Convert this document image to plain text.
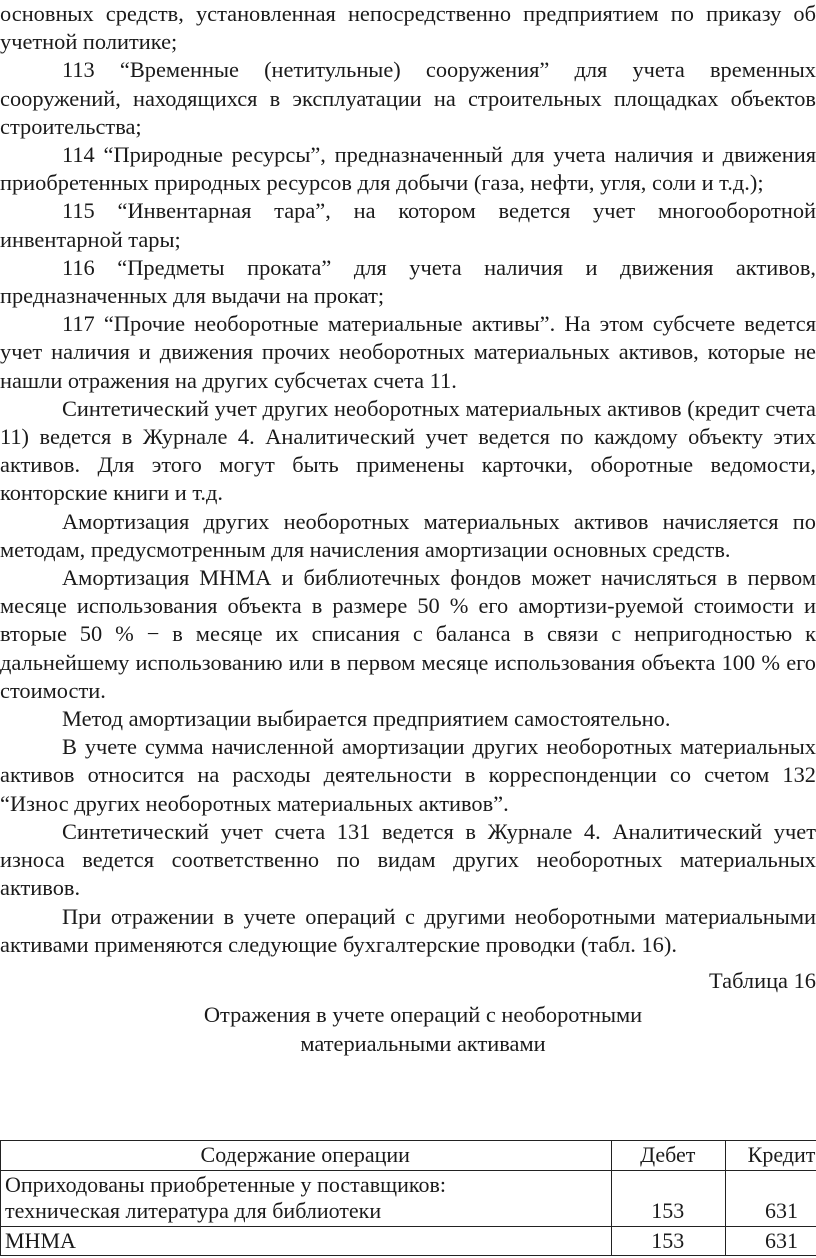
основных средств, установленная непосредственно предприятием по приказу об учетной политике;

113 “Временные (нетитульные) сооружения” для учета временных сооружений, находящихся в эксплуатации на строительных площадках объектов строительства;

114 “Природные ресурсы”, предназначенный для учета наличия и движения приобретенных природных ресурсов для добычи (газа, нефти, угля, соли и т.д.);

115 “Инвентарная тара”, на котором ведется учет многооборотной инвентарной тары;

116 “Предметы проката” для учета наличия и движения активов, предназначенных для выдачи на прокат;

117 “Прочие необоротные материальные активы”. На этом субсчете ведется учет наличия и движения прочих необоротных материальных активов, которые не нашли отражения на других субсчетах счета 11.

Синтетический учет других необоротных материальных активов (кредит счета 11) ведется в Журнале 4. Аналитический учет ведется по каждому объекту этих активов. Для этого могут быть применены карточки, оборотные ведомости, конторские книги и т.д.

Амортизация других необоротных материальных активов начисляется по методам, предусмотренным для начисления амортизации основных средств.

Амортизация МНМА и библиотечных фондов может начисляться в первом месяце использования объекта в размере 50 % его амортизи-руемой стоимости и вторые 50 % − в месяце их списания с баланса в связи с непригодностью к дальнейшему использованию или в первом месяце использования объекта 100 % его стоимости.

Метод амортизации выбирается предприятием самостоятельно.

В учете сумма начисленной амортизации других необоротных материальных активов относится на расходы деятельности в корреспонденции со счетом 132 “Износ других необоротных материальных активов”.

Синтетический учет счета 131 ведется в Журнале 4. Аналитический учет износа ведется соответственно по видам других необоротных материальных активов.

При отражении в учете операций с другими необоротными материальными активами применяются следующие бухгалтерские проводки (табл. 16).

Таблица 16
Отражения в учете операций с необоротными
материальными активами
Содержание операции	Дебет	Кредит

Оприходованы приобретенные у поставщиков:
техническая литература для библиотеки	153	631
МНМА	153	631
